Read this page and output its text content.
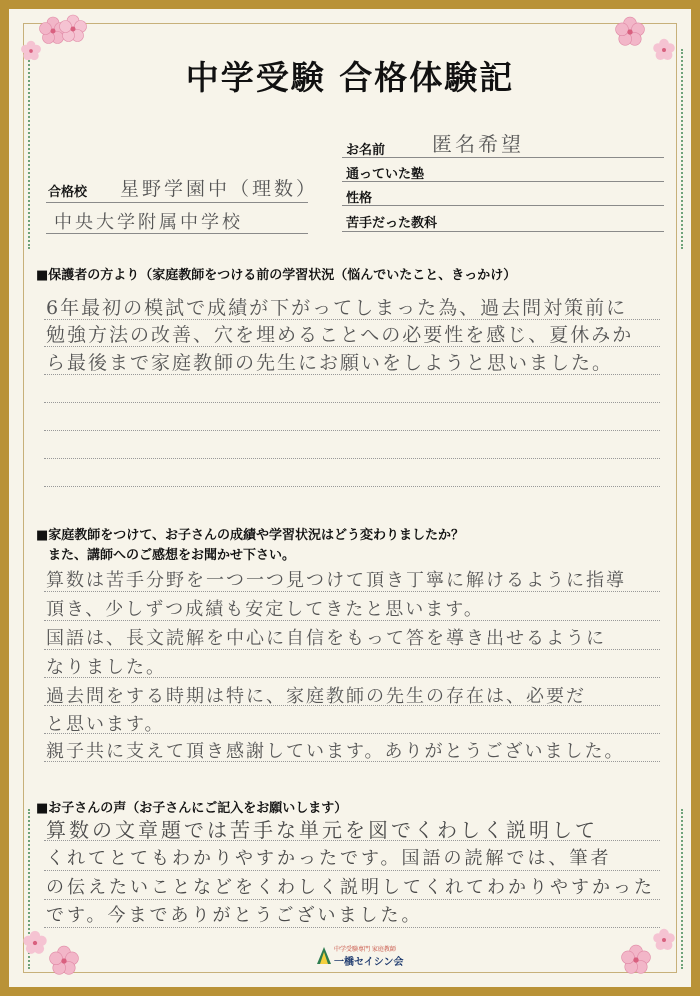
中学受験 合格体験記
合格校 星野学園中（理数）
中央大学附属中学校
お名前 匿名希望
通っていた塾
性格
苦手だった教科
■保護者の方より（家庭教師をつける前の学習状況（悩んでいたこと、きっかけ）
6年最初の模試で成績が下がってしまった為、過去問対策前に
勉強方法の改善、穴を埋めることへの必要性を感じ、夏休みか
ら最後まで家庭教師の先生にお願いをしようと思いました。
■家庭教師をつけて、お子さんの成績や学習状況はどう変わりましたか？
また、講師へのご感想をお聞かせ下さい。
算数は苦手分野を一つ一つ見つけて頂き丁寧に解けるように指導
頂き、少しずつ成績も安定してきたと思います。
国語は、長文読解を中心に自信をもって答を導き出せるように
なりました。
過去問をする時期は特に、家庭教師の先生の存在は、必要だ
と思います。
親子共に支えて頂き感謝しています。ありがとうございました。
■お子さんの声（お子さんにご記入をお願いします）
算数の文章題では苦手な単元を図でくわしく説明して
くれてとてもわかりやすかったです。国語の読解では、筆者
の伝えたいことなどをくわしく説明してくれてわかりやすかった
です。今までありがとうございました。
中学受験専門 家庭教師
一橋セイシン会
